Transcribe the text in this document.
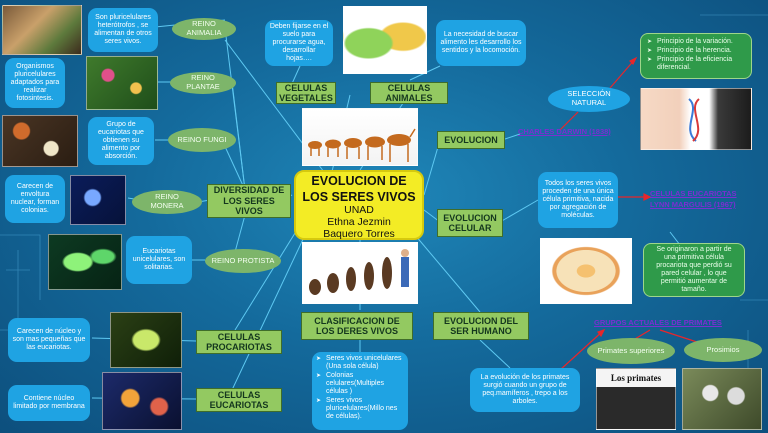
EVOLUCION DE
LOS SERES VIVOS
UNAD
Ethna Jezmin
Baquero Torres
REINO ANIMALIA
REINO PLANTAE
REINO FUNGI
REINO MONERA
REINO PROTISTA
Son pluricelulares heterótrofos , se alimentan de otros seres vivos.
Organismos pluricelulares adaptados para realizar fotosintesis.
Grupo de eucariotas que obtienen su alimento por absorción.
Carecen de envoltura nuclear, forman colonias.
Eucariotas unicelulares, son solitarias.
Carecen de núcleo y son mas pequeñas que las eucariotas.
Contiene núcleo limitado por membrana
DIVERSIDAD DE LOS SERES VIVOS
CELULAS VEGETALES
CELULAS ANIMALES
EVOLUCION
EVOLUCION CELULAR
EVOLUCION DEL SER HUMANO
CLASIFICACION DE LOS DERES VIVOS
CELULAS PROCARIOTAS
CELULAS EUCARIOTAS
Deben fijarse en el suelo para procurarse agua, desarrollar hojas….
La necesidad de buscar alimento les desarrollo los sentidos y la locomoción.
➤ Seres vivos unicelulares (Una sola célula)
➤ Colonias celulares(Multiples células )
➤ Seres vivos pluricelulares(Millo nes de células).
➤ Principio de la variación.
➤ Principio de la herencia.
➤ Principio de la eficiencia diferencial.
SELECCIÓN NATURAL
CHARLES DARWIN (1838)
Todos los seres vivos proceden de una única célula primitiva, nacida por agregación de moléculas.
CELULAS EUCARIOTAS
LYNN MARGULIS (1967)
Se originaron a partir de una primitiva célula procariota que perdió su pared celular , lo que permitió aumentar de tamaño.
GRUPOS ACTUALES DE PRIMATES
Primates superiores	Prosimios
La evolución de los primates surgió cuando un grupo de peq.mamíferos , trepo a los arboles.
Los primates
